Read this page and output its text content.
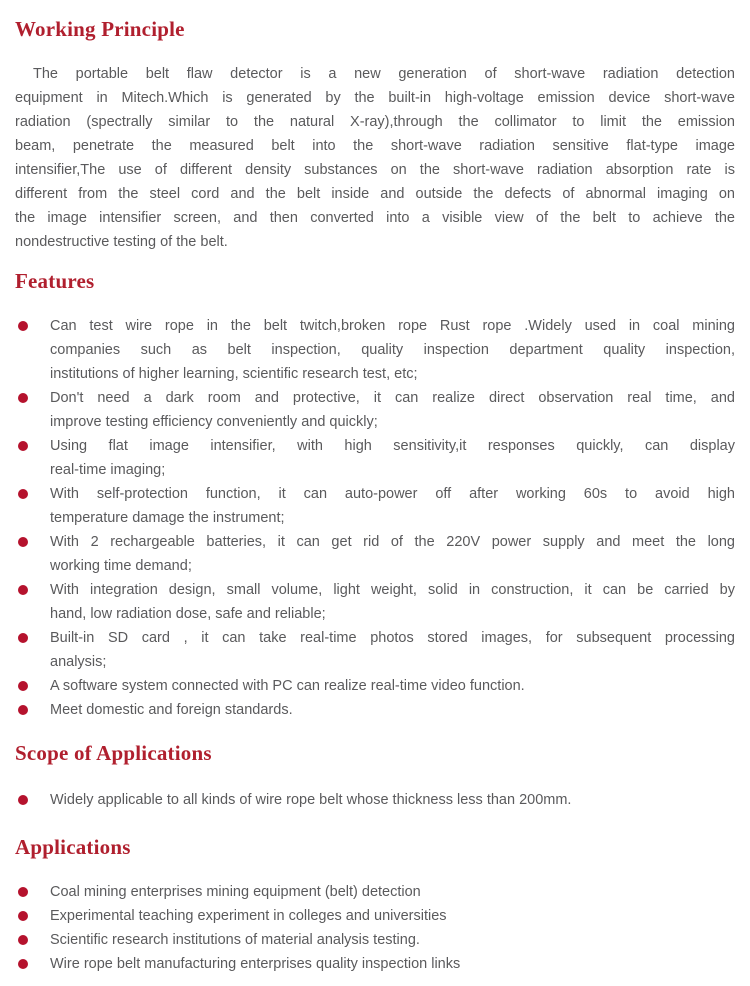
Working Principle
The portable belt flaw detector is a new generation of short-wave radiation detection
equipment in Mitech.Which is generated by the built-in high-voltage emission device short-wave
radiation (spectrally similar to the natural X-ray),through the collimator to limit the emission
beam, penetrate the measured belt into the short-wave radiation sensitive flat-type image
intensifier,The use of different density substances on the short-wave radiation absorption rate is
different from the steel cord and the belt inside and outside the defects of abnormal imaging on
the image intensifier screen, and then converted into a visible view of the belt to achieve the
nondestructive testing of the belt.
Features
Can test wire rope in the belt twitch,broken rope Rust rope .Widely used in coal mining
companies such as belt inspection, quality inspection department quality inspection,
institutions of higher learning, scientific research test, etc;
Don't need a dark room and protective, it can realize direct observation real time, and
improve testing efficiency conveniently and quickly;
Using flat image intensifier, with high sensitivity,it responses quickly, can display
real-time imaging;
With self-protection function, it can auto-power off after working 60s to avoid high
temperature damage the instrument;
With 2 rechargeable batteries, it can get rid of the 220V power supply and meet the long
working time demand;
With integration design, small volume, light weight, solid in construction, it can be carried by
hand, low radiation dose, safe and reliable;
Built-in SD card , it can take real-time photos stored images, for subsequent processing
analysis;
A software system connected with PC can realize real-time video function.
Meet domestic and foreign standards.
Scope of Applications
Widely applicable to all kinds of wire rope belt whose thickness less than 200mm.
Applications
Coal mining enterprises mining equipment (belt) detection
Experimental teaching experiment in colleges and universities
Scientific research institutions of material analysis testing.
Wire rope belt manufacturing enterprises quality inspection links
